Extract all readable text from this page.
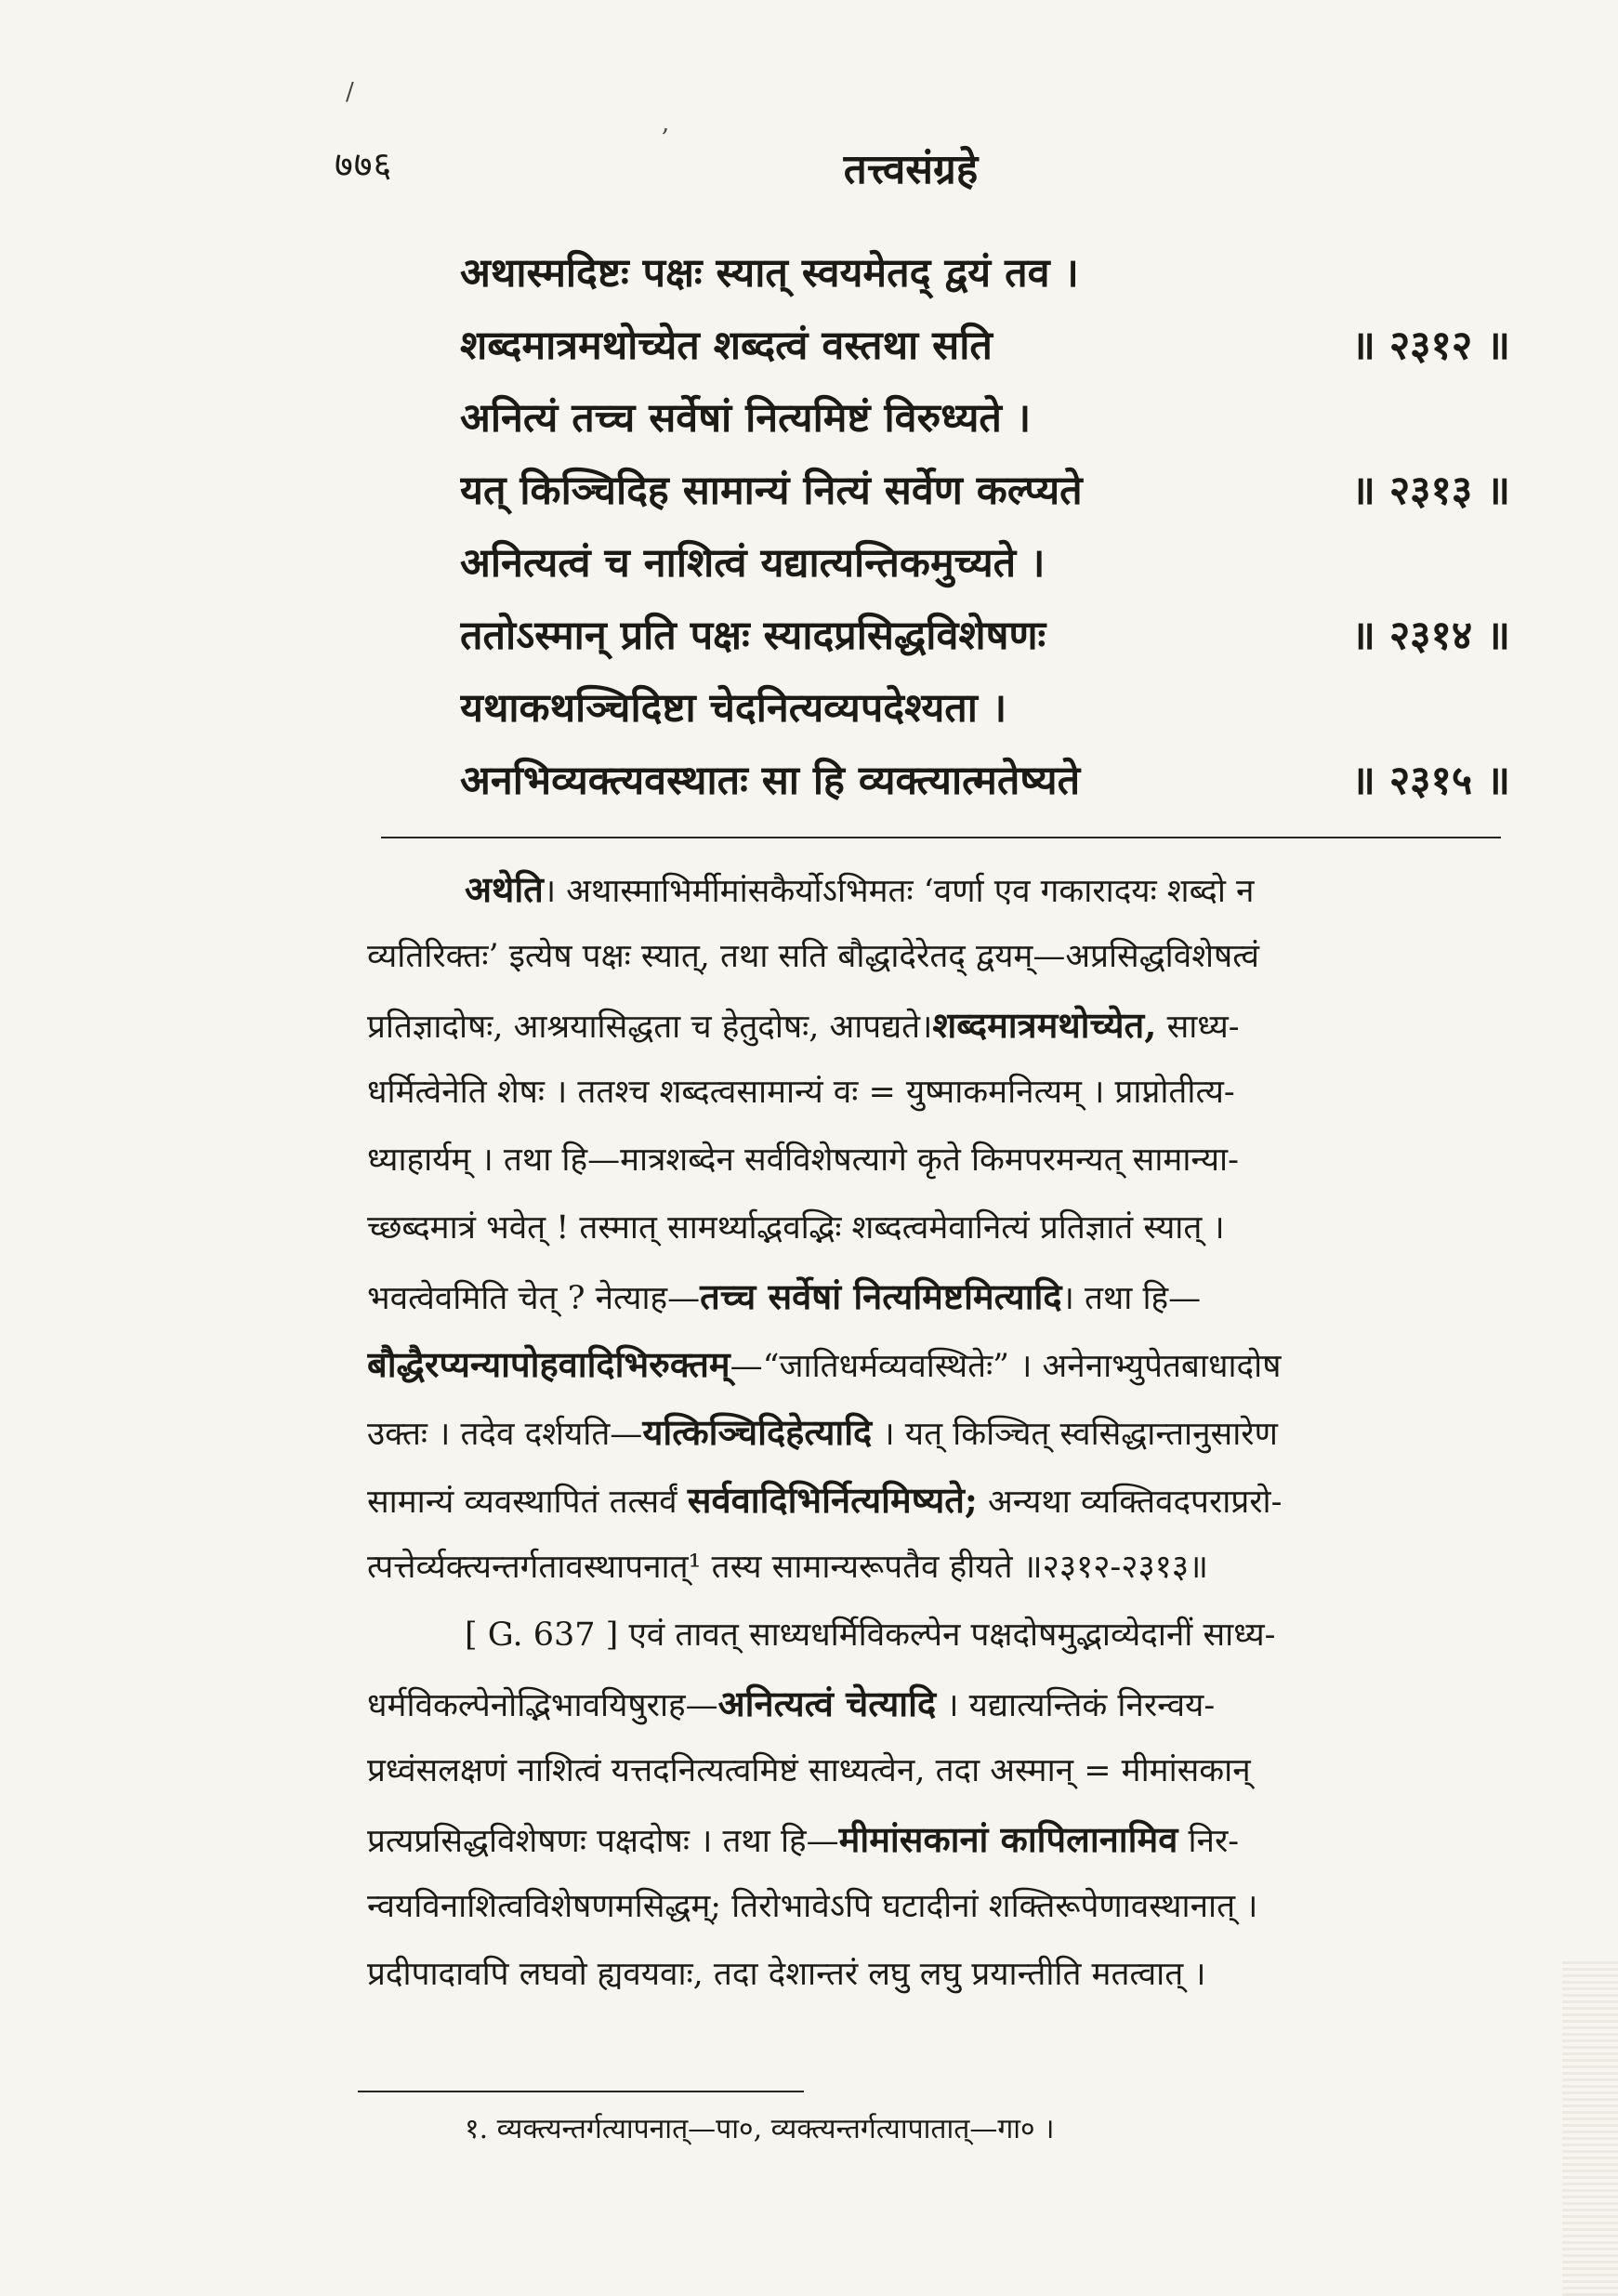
/
,
७७६	तत्त्वसंग्रहे
अथास्मदिष्टः पक्षः स्यात् स्वयमेतद् द्वयं तव ।
शब्दमात्रमथोच्येत शब्दत्वं वस्तथा सति	॥ २३१२ ॥
अनित्यं तच्च सर्वेषां नित्यमिष्टं विरुध्यते ।
यत् किञ्चिदिह सामान्यं नित्यं सर्वेण कल्प्यते	॥ २३१३ ॥
अनित्यत्वं च नाशित्वं यद्यात्यन्तिकमुच्यते ।
ततोऽस्मान् प्रति पक्षः स्यादप्रसिद्धविशेषणः	॥ २३१४ ॥
यथाकथञ्चिदिष्टा चेदनित्यव्यपदेश्यता ।
अनभिव्यक्त्यवस्थातः सा हि व्यक्त्यात्मतेष्यते	॥ २३१५ ॥
अथेति। अथास्माभिर्मीमांसकैर्योऽभिमतः ‘वर्णा एव गकारादयः शब्दो न
व्यतिरिक्तः’ इत्येष पक्षः स्यात्, तथा सति बौद्धादेरेतद् द्वयम्—अप्रसिद्धविशेषत्वं
प्रतिज्ञादोषः, आश्रयासिद्धता च हेतुदोषः, आपद्यते।शब्दमात्रमथोच्येत, साध्य-
धर्मित्वेनेति शेषः । ततश्च शब्दत्वसामान्यं वः = युष्माकमनित्यम् । प्राप्नोतीत्य-
ध्याहार्यम् । तथा हि—मात्रशब्देन सर्वविशेषत्यागे कृते किमपरमन्यत् सामान्या-
च्छब्दमात्रं भवेत् ! तस्मात् सामर्थ्याद्भवद्भिः शब्दत्वमेवानित्यं प्रतिज्ञातं स्यात् ।
भवत्वेवमिति चेत् ? नेत्याह—तच्च सर्वेषां नित्यमिष्टमित्यादि। तथा हि—
बौद्धैरप्यन्यापोहवादिभिरुक्तम्—“जातिधर्मव्यवस्थितेः” । अनेनाभ्युपेतबाधादोष
उक्तः । तदेव दर्शयति—यत्किञ्चिदिहेत्यादि । यत् किञ्चित् स्वसिद्धान्तानुसारेण
सामान्यं व्यवस्थापितं तत्सर्वं सर्ववादिभिर्नित्यमिष्यते; अन्यथा व्यक्तिवदपराप्ररो-
त्पत्तेर्व्यक्त्यन्तर्गतावस्थापनात्¹ तस्य सामान्यरूपतैव हीयते ॥२३१२-२३१३॥
[ G. 637 ] एवं तावत् साध्यधर्मिविकल्पेन पक्षदोषमुद्भाव्येदानीं साध्य-
धर्मविकल्पेनोद्भिभावयिषुराह—अनित्यत्वं चेत्यादि । यद्यात्यन्तिकं निरन्वय-
प्रध्वंसलक्षणं नाशित्वं यत्तदनित्यत्वमिष्टं साध्यत्वेन, तदा अस्मान् = मीमांसकान्
प्रत्यप्रसिद्धविशेषणः पक्षदोषः । तथा हि—मीमांसकानां कापिलानामिव निर-
न्वयविनाशित्वविशेषणमसिद्धम्; तिरोभावेऽपि घटादीनां शक्तिरूपेणावस्थानात् ।
प्रदीपादावपि लघवो ह्यवयवाः, तदा देशान्तरं लघु लघु प्रयान्तीति मतत्वात् ।
१. व्यक्त्यन्तर्गत्यापनात्—पा०, व्यक्त्यन्तर्गत्यापातात्—गा० ।
